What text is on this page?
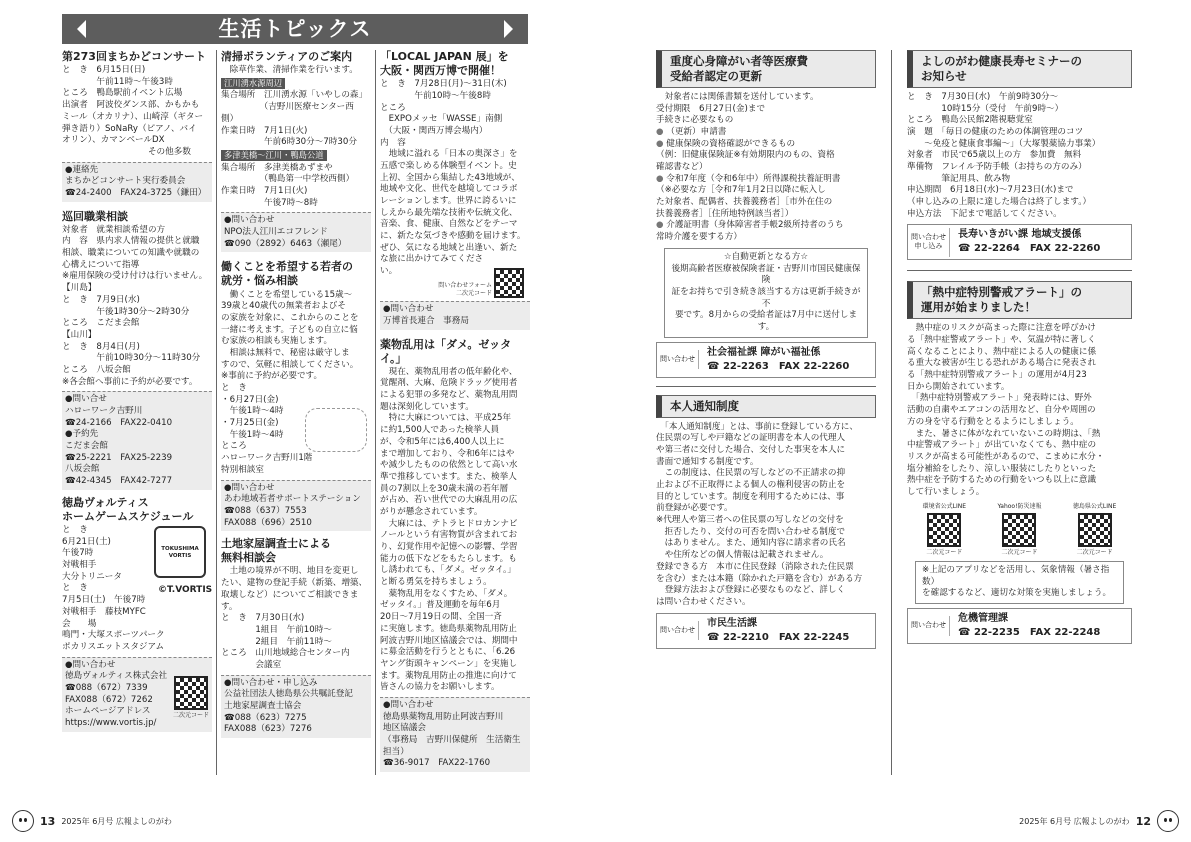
生活トピックス
第273回まちかどコンサート
と　き　6月15日(日)
　　　　午前11時〜午後3時
ところ　鴨島駅前イベント広場
出演者　阿波佼ダンス部、かもかも
ミール（オカリナ）、山崎淳（ギター
弾き語り）SoNaRy（ピアノ、バイ
オリン）、カマンベールDX
　　　　　　　　　　その他多数
●連絡先
まちかどコンサート実行委員会
☎24-2400　FAX24-3725（鎌田）
巡回職業相談
対象者　就業相談希望の方
内　容　県内求人情報の提供と就職
相談、職業についての知識や就職の
心構えについて指導
※雇用保険の受け付けは行いません。
【川島】
と　き　7月9日(水)
　　　　午後1時30分〜2時30分
ところ　こだま会館
【山川】
と　き　8月4日(月)
　　　　午前10時30分〜11時30分
ところ　八坂会館
※各会館へ事前に予約が必要です。
●問い合せ
ハローワーク吉野川
☎24-2166　FAX22-0410
●予約先
こだま会館
☎25-2221　FAX25-2239
八坂会館
☎42-4345　FAX42-7277
徳島ヴォルティス
ホームゲームスケジュール
と　き
6月21日(土)
午後7時
対戦相手
大分トリニータ
と　き
7月5日(土)　午後7時
対戦相手　藤枝MYFC
会　　場
鳴門・大塚スポーツパーク
ポカリスエットスタジアム
TOKUSHIMA
VORTIS
©T.VORTIS
●問い合わせ
徳島ヴォルティス株式会社
☎088（672）7339
FAX088（672）7262
ホームページアドレス
https://www.vortis.jp/
二次元コード
清掃ボランティアのご案内
　除草作業、清掃作業を行います。
江川湧水源周辺
集合場所　江川湧水源「いやしの森」
　　　　　（吉野川医療センター西側）
作業日時　7月1日(火)
　　　　　午前6時30分〜7時30分
多津美橋〜江川・鴨島公道
集合場所　多津美橋あずまや
　　　　　（鴨島第一中学校西側）
作業日時　7月1日(火)
　　　　　午後7時〜8時
●問い合わせ
NPO法人江川エコフレンド
☎090（2892）6463（瀬尾）
働くことを希望する若者の
就労・悩み相談
　働くことを希望している15歳〜
39歳と40歳代の無業者およびそ
の家族を対象に、これからのことを
一緒に考えます。子どもの自立に悩
む家族の相談も実施します。
　相談は無料で、秘密は厳守しま
すので、気軽に相談してください。
※事前に予約が必要です。
と　き
・6月27日(金)
　午後1時〜4時
・7月25日(金)
　午後1時〜4時
ところ
ハローワーク吉野川1階
特別相談室
●問い合わせ
あわ地域若者サポートステーション
☎088（637）7553
FAX088（696）2510
土地家屋調査士による
無料相談会
　土地の境界が不明、地目を変更し
たい、建物の登記手続（新築、増築、
取壊しなど）についてご相談できま
す。
と　き　7月30日(水)
　　　　1組目　午前10時〜
　　　　2組目　午前11時〜
ところ　山川地域総合センター内
　　　　会議室
●問い合わせ・申し込み
公益社団法人徳島県公共嘱託登記
土地家屋調査士協会
☎088（623）7275
FAX088（623）7276
「LOCAL JAPAN 展」を
大阪・関西万博で開催！
と　き　7月28日(月)〜31日(木)
　　　　午前10時〜午後8時
ところ
　EXPOメッセ「WASSE」南側
　（大阪・関西万博会場内）
内　容
　地域に溢れる「日本の奥深さ」を
五感で楽しめる体験型イベント。史
上初、全国から集結した43地域が、
地域や文化、世代を越境してコラボ
レーションします。世界に誇るいに
しえから最先端な技術や伝統文化、
音楽、食、健康、自然などをテーマ
に、新たな気づきや感動を届けます。
ぜひ、気になる地域と出逢い、新た
な旅に出かけてみてくださ
い。
問い合わせフォーム
二次元コード
●問い合わせ
万博首長連合　事務局
薬物乱用は「ダメ。ゼッタイ。」
　現在、薬物乱用者の低年齢化や、
覚醒剤、大麻、危険ドラッグ使用者
による犯罪の多発など、薬物乱用問
題は深刻化しています。
　特に大麻については、平成25年
に約1,500人であった検挙人員
が、令和5年には6,400人以上に
まで増加しており、令和6年にはや
や減少したものの依然として高い水
準で推移しています。また、検挙人
員の7割以上を30歳未満の若年層
が占め、若い世代での大麻乱用の広
がりが懸念されています。
　大麻には、テトラヒドロカンナビ
ノールという有害物質が含まれてお
り、幻覚作用や記憶への影響、学習
能力の低下などをもたらします。も
し誘われても、「ダメ。ゼッタイ。」
と断る勇気を持ちましょう。
　薬物乱用をなくすため、「ダメ。
ゼッタイ。」普及運動を毎年6月
20日〜7月19日の間、全国一斉
に実施します。徳島県薬物乱用防止
阿波吉野川地区協議会では、期間中
に募金活動を行うとともに、「6.26
ヤング街頭キャンペーン」を実施し
ます。薬物乱用防止の推進に向けて
皆さんの協力をお願いします。
●問い合わせ
徳島県薬物乱用防止阿波吉野川
地区協議会
（事務局　吉野川保健所　生活衛生担当）
☎36-9017　FAX22-1760
重度心身障がい者等医療費
受給者認定の更新
　対象者には関係書類を送付しています。
受付期限　6月27日(金)まで
手続きに必要なもの
● （更新）申請書
● 健康保険の資格確認ができるもの
（例：旧健康保険証※有効期限内のもの、資格
確認書など）
● 令和7年度（令和6年中）所得課税扶養証明書
（※必要な方［令和7年1月2日以降に転入し
た対象者、配偶者、扶養義務者］［市外在住の
扶養義務者］［住所地特例該当者］）
● 介護証明書（身体障害者手帳2級所持者のうち
常時介護を要する方）
☆自動更新となる方☆
後期高齢者医療被保険者証・吉野川市国民健康保険
証をお持ちで引き続き該当する方は更新手続きが不
要です。8月からの受給者証は7月中に送付します。
問い合わせ
社会福祉課 障がい福祉係
☎ 22-2263　FAX 22-2260
本人通知制度
　「本人通知制度」とは、事前に登録している方に、
住民票の写しや戸籍などの証明書を本人の代理人
や第三者に交付した場合、交付した事実を本人に
書面で通知する制度です。
　この制度は、住民票の写しなどの不正請求の抑
止および不正取得による個人の権利侵害の防止を
目的としています。制度を利用するためには、事
前登録が必要です。
※代理人や第三者への住民票の写しなどの交付を
　拒否したり、交付の可否を問い合わせる制度で
　はありません。また、通知内容に請求者の氏名
　や住所などの個人情報は記載されません。
登録できる方　本市に住民登録（消除された住民票
を含む）または本籍（除かれた戸籍を含む）がある方
　登録方法および登録に必要なものなど、詳しく
は問い合わせください。
問い合わせ
市民生活課
☎ 22-2210　FAX 22-2245
よしのがわ健康長寿セミナーの
お知らせ
と　き　7月30日(水)　午前9時30分〜
　　　　10時15分（受付　午前9時〜）
ところ　鴨島公民館2階視聴覚室
演　題　「毎日の健康のための体調管理のコツ
　　〜免疫と健康食事編〜」（大塚製薬協力事業）
対象者　市民で65歳以上の方　参加費　無料
準備物　フレイル予防手帳（お持ちの方のみ）
　　　　筆記用具、飲み物
申込期間　6月18日(水)〜7月23日(水)まで
（申し込みの上限に達した場合は終了します。）
申込方法　下記まで電話してください。
問い合わせ
申し込み
長寿いきがい課 地域支援係
☎ 22-2264　FAX 22-2260
「熱中症特別警戒アラート」の
運用が始まりました！
　熱中症のリスクが高まった際に注意を呼びかけ
る「熱中症警戒アラート」や、気温が特に著しく
高くなることにより、熱中症による人の健康に係
る重大な被害が生じる恐れがある場合に発表され
る「熱中症特別警戒アラート」の運用が4月23
日から開始されています。
　「熱中症特別警戒アラート」発表時には、野外
活動の自粛やエアコンの活用など、自分や周囲の
方の身を守る行動をとるようにしましょう。
　また、暑さに体がなれていないこの時期は、「熱
中症警戒アラート」が出ていなくても、熱中症の
リスクが高まる可能性があるので、こまめに水分・
塩分補給をしたり、涼しい服装にしたりといった
熱中症を予防するための行動をいつも以上に意識
して行いましょう。
環境省公式LINE
二次元コード
Yahoo!防災速報
二次元コード
徳島県公式LINE
二次元コード
※上記のアプリなどを活用し、気象情報（暑さ指数）
を確認するなど、適切な対策を実施しましょう。
問い合わせ
危機管理課
☎ 22-2235　FAX 22-2248
13 2025年 6月号 広報よしのがわ	2025年 6月号 広報よしのがわ 12
